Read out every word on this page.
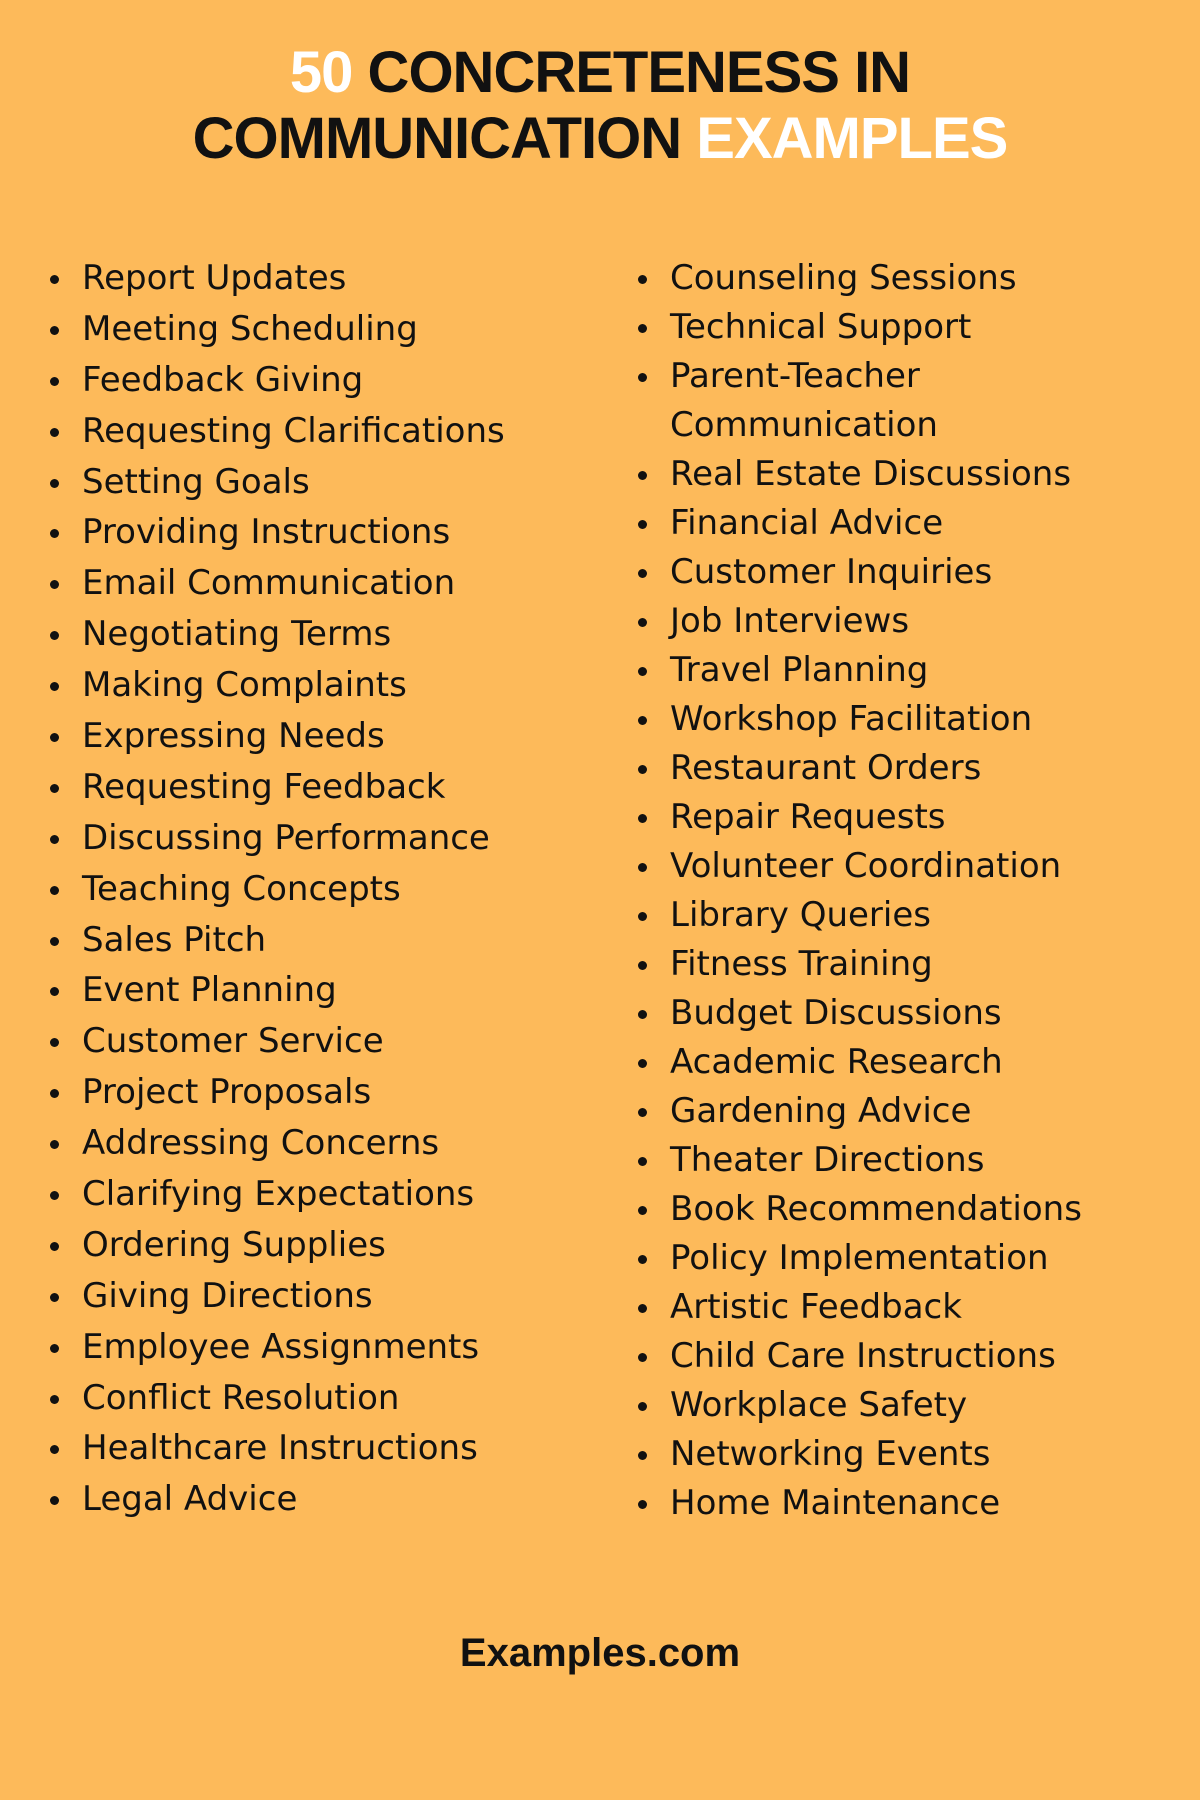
50 CONCRETENESS IN
COMMUNICATION EXAMPLES
Report Updates
Meeting Scheduling
Feedback Giving
Requesting Clarifications
Setting Goals
Providing Instructions
Email Communication
Negotiating Terms
Making Complaints
Expressing Needs
Requesting Feedback
Discussing Performance
Teaching Concepts
Sales Pitch
Event Planning
Customer Service
Project Proposals
Addressing Concerns
Clarifying Expectations
Ordering Supplies
Giving Directions
Employee Assignments
Conflict Resolution
Healthcare Instructions
Legal Advice
Counseling Sessions
Technical Support
Parent-Teacher Communication
Real Estate Discussions
Financial Advice
Customer Inquiries
Job Interviews
Travel Planning
Workshop Facilitation
Restaurant Orders
Repair Requests
Volunteer Coordination
Library Queries
Fitness Training
Budget Discussions
Academic Research
Gardening Advice
Theater Directions
Book Recommendations
Policy Implementation
Artistic Feedback
Child Care Instructions
Workplace Safety
Networking Events
Home Maintenance
Examples.com
